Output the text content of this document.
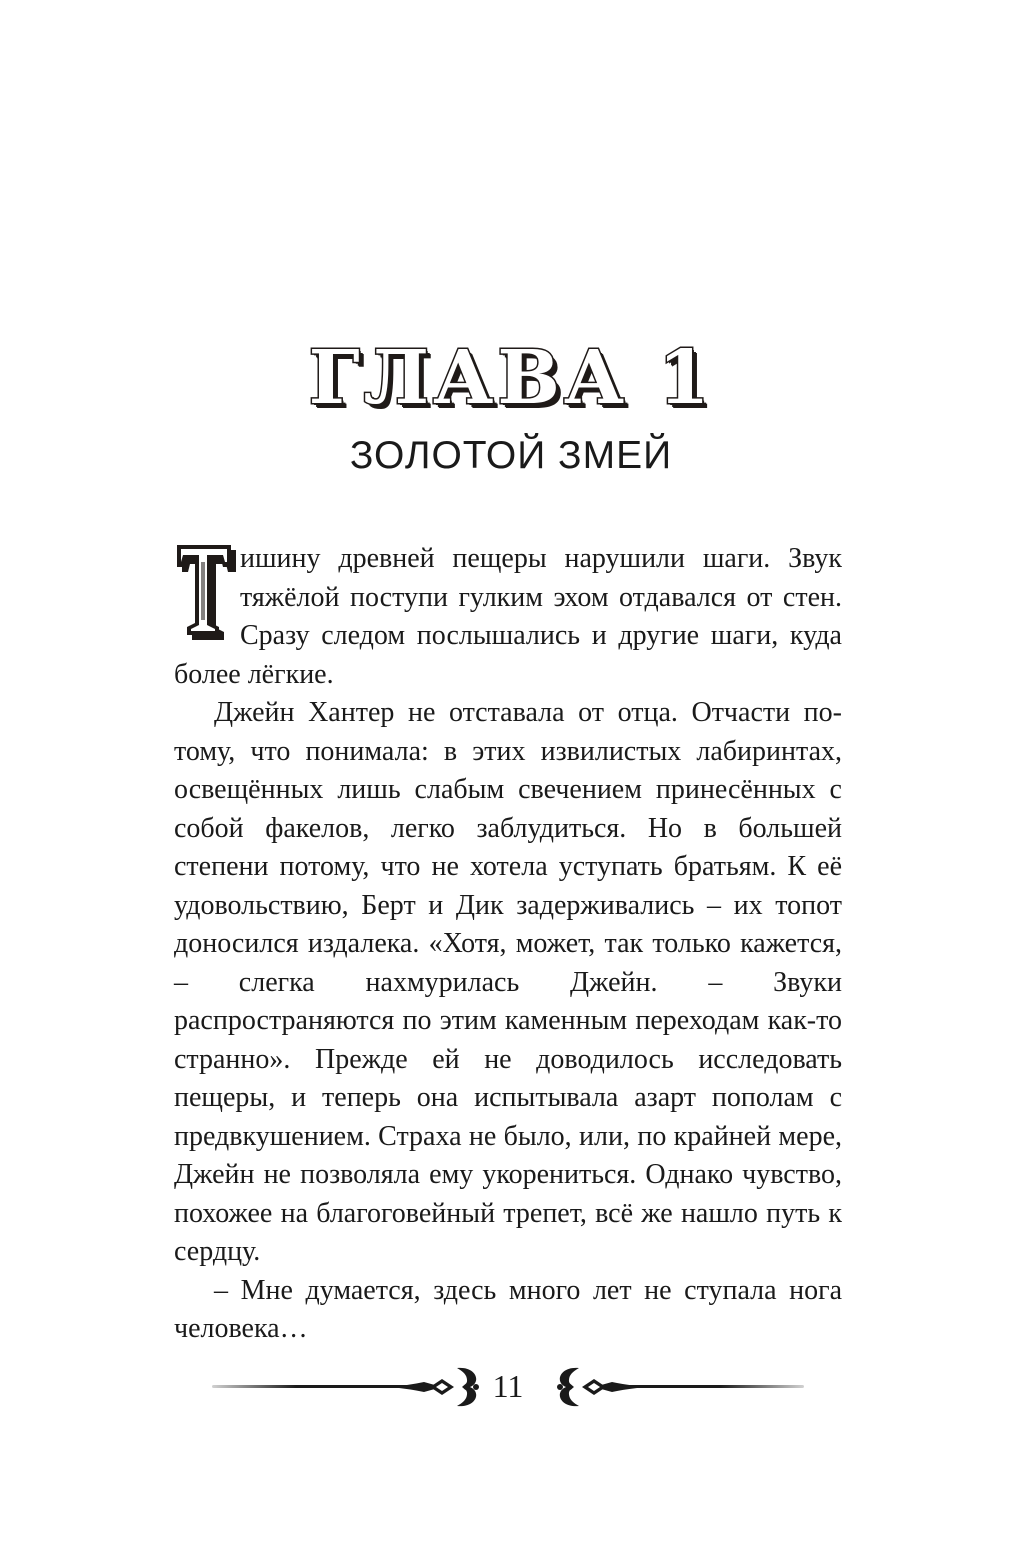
ГЛАВА 1
ЗОЛОТОЙ ЗМЕЙ

ишину древней пещеры нарушили шаги. Звук тяжёлой поступи гулким эхом отдавался от стен. Сразу следом послышались и другие шаги, куда более лёгкие.

Джейн Хантер не отставала от отца. Отчасти потому, что понимала: в этих извилистых лабиринтах, освещённых лишь слабым свечением принесённых с собой факелов, легко заблудиться. Но в большей степени потому, что не хотела уступать братьям. К её удовольствию, Берт и Дик задерживались – их топот доносился издалека. «Хотя, может, так только кажется, – слегка нахмурилась Джейн. – Звуки распространяются по этим каменным переходам как-то странно». Прежде ей не доводилось исследовать пещеры, и теперь она испытывала азарт пополам с предвкушением. Страха не было, или, по крайней мере, Джейн не позволяла ему укорениться. Однако чувство, похожее на благоговейный трепет, всё же нашло путь к сердцу.

– Мне думается, здесь много лет не ступала нога человека…

11
